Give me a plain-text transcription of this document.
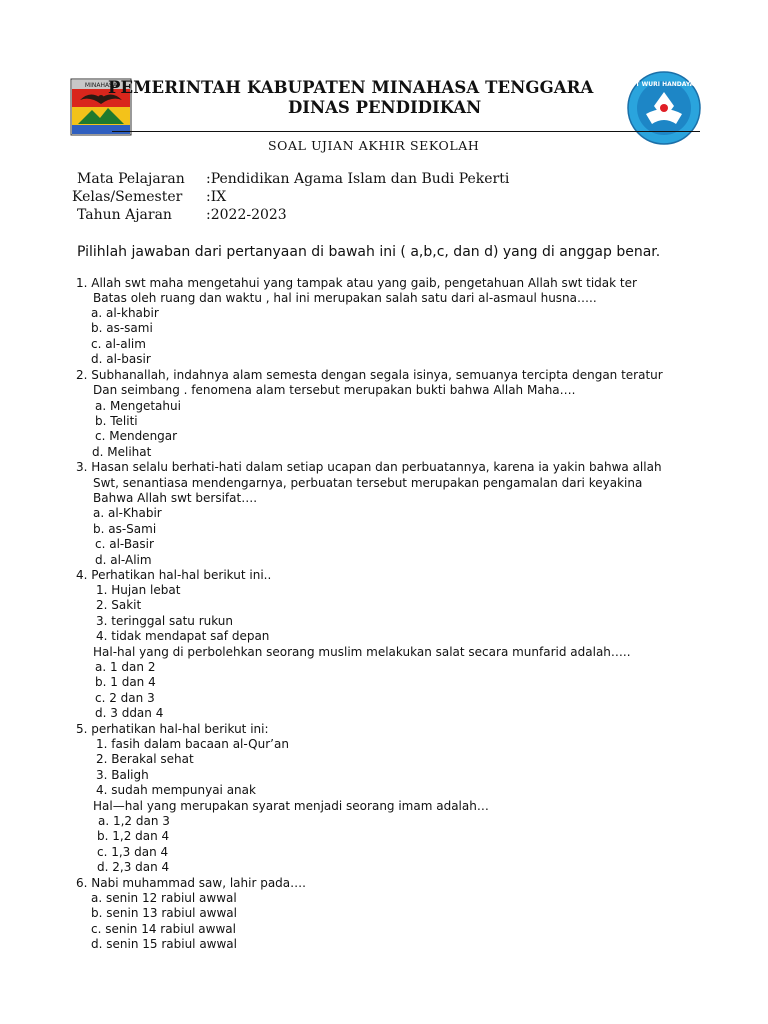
MINAHASA	TUT WURI HANDAYANI
PEMERINTAH KABUPATEN MINAHASA TENGGARA
DINAS PENDIDIKAN
SOAL UJIAN AKHIR SEKOLAH
Mata Pelajaran :Pendidikan Agama Islam dan Budi Pekerti
Kelas/Semester :IX
Tahun Ajaran :2022-2023
Pilihlah jawaban dari pertanyaan di bawah ini ( a,b,c, dan d) yang di anggap benar.
1. Allah swt maha mengetahui yang tampak atau yang gaib, pengetahuan Allah swt tidak ter
Batas oleh ruang dan waktu , hal ini merupakan salah satu dari al-asmaul husna…..
a. al-khabir
b. as-sami
c. al-alim
d. al-basir
2. Subhanallah, indahnya alam semesta dengan segala isinya, semuanya tercipta dengan teratur
Dan seimbang . fenomena alam tersebut merupakan bukti bahwa Allah Maha….
a. Mengetahui
b. Teliti
c. Mendengar
d. Melihat
3. Hasan selalu berhati-hati dalam setiap ucapan dan perbuatannya, karena ia yakin bahwa allah
Swt, senantiasa mendengarnya, perbuatan tersebut merupakan pengamalan dari keyakina
Bahwa Allah swt bersifat….
a. al-Khabir
b. as-Sami
c. al-Basir
d. al-Alim
4. Perhatikan hal-hal berikut ini..
1. Hujan lebat
2. Sakit
3. teringgal satu rukun
4. tidak mendapat saf depan
Hal-hal yang di perbolehkan seorang muslim melakukan salat secara munfarid adalah…..
a. 1 dan 2
b. 1 dan 4
c. 2 dan 3
d. 3 ddan 4
5. perhatikan hal-hal berikut ini:
1. fasih dalam bacaan al-Qur’an
2. Berakal sehat
3. Baligh
4. sudah mempunyai anak
Hal—hal yang merupakan syarat menjadi seorang imam adalah…
a. 1,2 dan 3
b. 1,2 dan 4
c. 1,3 dan 4
d. 2,3 dan 4
6. Nabi muhammad saw, lahir pada….
a. senin 12 rabiul awwal
b. senin 13 rabiul awwal
c. senin 14 rabiul awwal
d. senin 15 rabiul awwal
